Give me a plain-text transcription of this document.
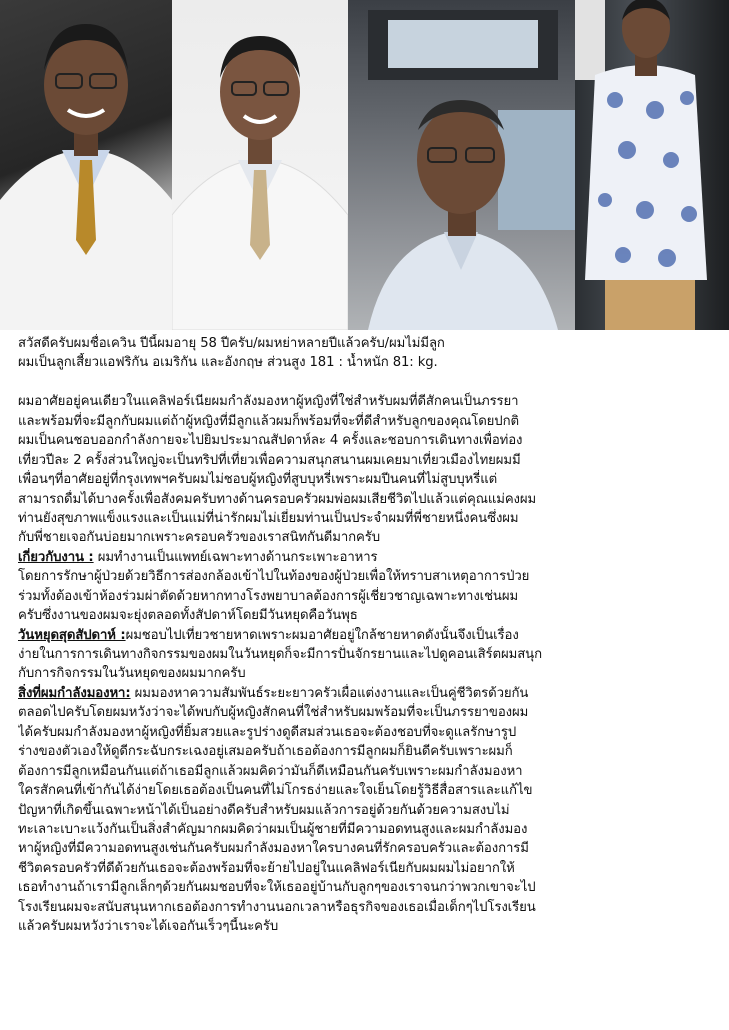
สวัสดีครับผมชื่อเควิน ปีนี้ผมอายุ 58 ปีครับ/ผมหย่าหลายปีแล้วครับ/ผมไม่มีลูก
ผมเป็นลูกเสี้ยวแอฟริกัน อเมริกัน และอังกฤษ ส่วนสูง 181 : น้ำหนัก 81: kg.
ผมอาศัยอยู่คนเดียวในแคลิฟอร์เนียผมกำลังมองหาผู้หญิงที่ใช่สำหรับผมที่ดีสักคนเป็นภรรยา
และพร้อมที่จะมีลูกกับผมแต่ถ้าผู้หญิงที่มีลูกแล้วผมก็พร้อมที่จะที่ดีสำหรับลูกของคุณโดยปกติ
ผมเป็นคนชอบออกกำลังกายจะไปยิมประมาณสัปดาห์ละ 4 ครั้งและชอบการเดินทางเพื่อท่อง
เที่ยวปีละ 2 ครั้งส่วนใหญ่จะเป็นทริปที่เที่ยวเพื่อความสนุกสนานผมเคยมาเที่ยวเมืองไทยผมมี
เพื่อนๆที่อาศัยอยู่ที่กรุงเทพฯครับผมไม่ชอบผู้หญิงที่สูบบุหรี่เพราะผมปีนคนที่ไม่สูบบุหรี่แต่
สามารถดื่มได้บางครั้งเพื่อสังคมครับทางด้านครอบครัวผมพ่อผมเสียชีวิตไปแล้วแต่คุณแม่คงผม
ท่านยังสุขภาพแข็งแรงและเป็นแม่ที่น่ารักผมไม่เยี่ยมท่านเป็นประจำผมที่พี่ชายหนึ่งคนซึ่งผม
กับพี่ชายเจอกันบ่อยมากเพราะครอบครัวของเราสนิทกันดีมากครับ
เกี่ยวกับงาน : ผมทำงานเป็นแพทย์เฉพาะทางด้านกระเพาะอาหาร
โดยการรักษาผู้ป่วยด้วยวิธีการส่องกล้องเข้าไปในท้องของผู้ป่วยเพื่อให้ทราบสาเหตุอาการป่วย
ร่วมทั้งต้องเข้าห้องร่วมผ่าตัดด้วยหากทางโรงพยาบาลต้องการผู้เชี่ยวชาญเฉพาะทางเช่นผม
ครับซึ่งงานของผมจะยุ่งตลอดทั้งสัปดาห์โดยมีวันหยุดคือวันพุธ
วันหยุดสุดสัปดาห์ :ผมชอบไปเที่ยวชายหาดเพราะผมอาศัยอยู่ใกล้ชายหาดดังนั้นจึงเป็นเรื่อง
ง่ายในการการเดินทางกิจกรรมของผมในวันหยุดก็จะมีการปั่นจักรยานและไปดูคอนเสิร์ตผมสนุก
กับการกิจกรรมในวันหยุดของผมมากครับ
สิ่งที่ผมกำลังมองหา: ผมมองหาความสัมพันธ์ระยะยาวครัวเผื่อแต่งงานและเป็นคู่ชีวิตรด้วยกัน
ตลอดไปครับโดยผมหวังว่าจะได้พบกับผู้หญิงสักคนที่ใช่สำหรับผมพร้อมที่จะเป็นภรรยาของผม
ได้ครับผมกำลังมองหาผู้หญิงที่ยิ้มสวยและรูปร่างดูดีสมส่วนเธอจะต้องชอบที่จะดูแลรักษารูป
ร่างของตัวเองให้ดูดีกระฉับกระเฉงอยู่เสมอครับถ้าเธอต้องการมีลูกผมก็ยินดีครับเพราะผมก็
ต้องการมีลูกเหมือนกันแต่ถ้าเธอมีลูกแล้วผมคิดว่ามันก็ดีเหมือนกันครับเพราะผมกำลังมองหา
ใครสักคนที่เข้ากันได้ง่ายโดยเธอต้องเป็นคนที่ไม่โกรธง่ายและใจเย็นโดยรู้วิธีสื่อสารและแก้ไข
ปัญหาที่เกิดขึ้นเฉพาะหน้าได้เป็นอย่างดีครับสำหรับผมแล้วการอยู่ด้วยกันด้วยความสงบไม่
ทะเลาะเบาะแว้งกันเป็นสิ่งสำคัญมากผมคิดว่าผมเป็นผู้ชายที่มีความอดทนสูงและผมกำลังมอง
หาผู้หญิงที่มีความอดทนสูงเช่นกันครับผมกำลังมองหาใครบางคนที่รักครอบครัวและต้องการมี
ชีวิตครอบครัวที่ดีด้วยกันเธอจะต้องพร้อมที่จะย้ายไปอยู่ในแคลิฟอร์เนียกับผมผมไม่อยากให้
เธอทำงานถ้าเรามีลูกเล็กๆด้วยกันผมชอบที่จะให้เธออยู่บ้านกับลูกๆของเราจนกว่าพวกเขาจะไป
โรงเรียนผมจะสนับสนุนหากเธอต้องการทำงานนอกเวลาหรือธุรกิจของเธอเมื่อเด็กๆไปโรงเรียน
แล้วครับผมหวังว่าเราจะได้เจอกันเร็วๆนี้นะครับ
